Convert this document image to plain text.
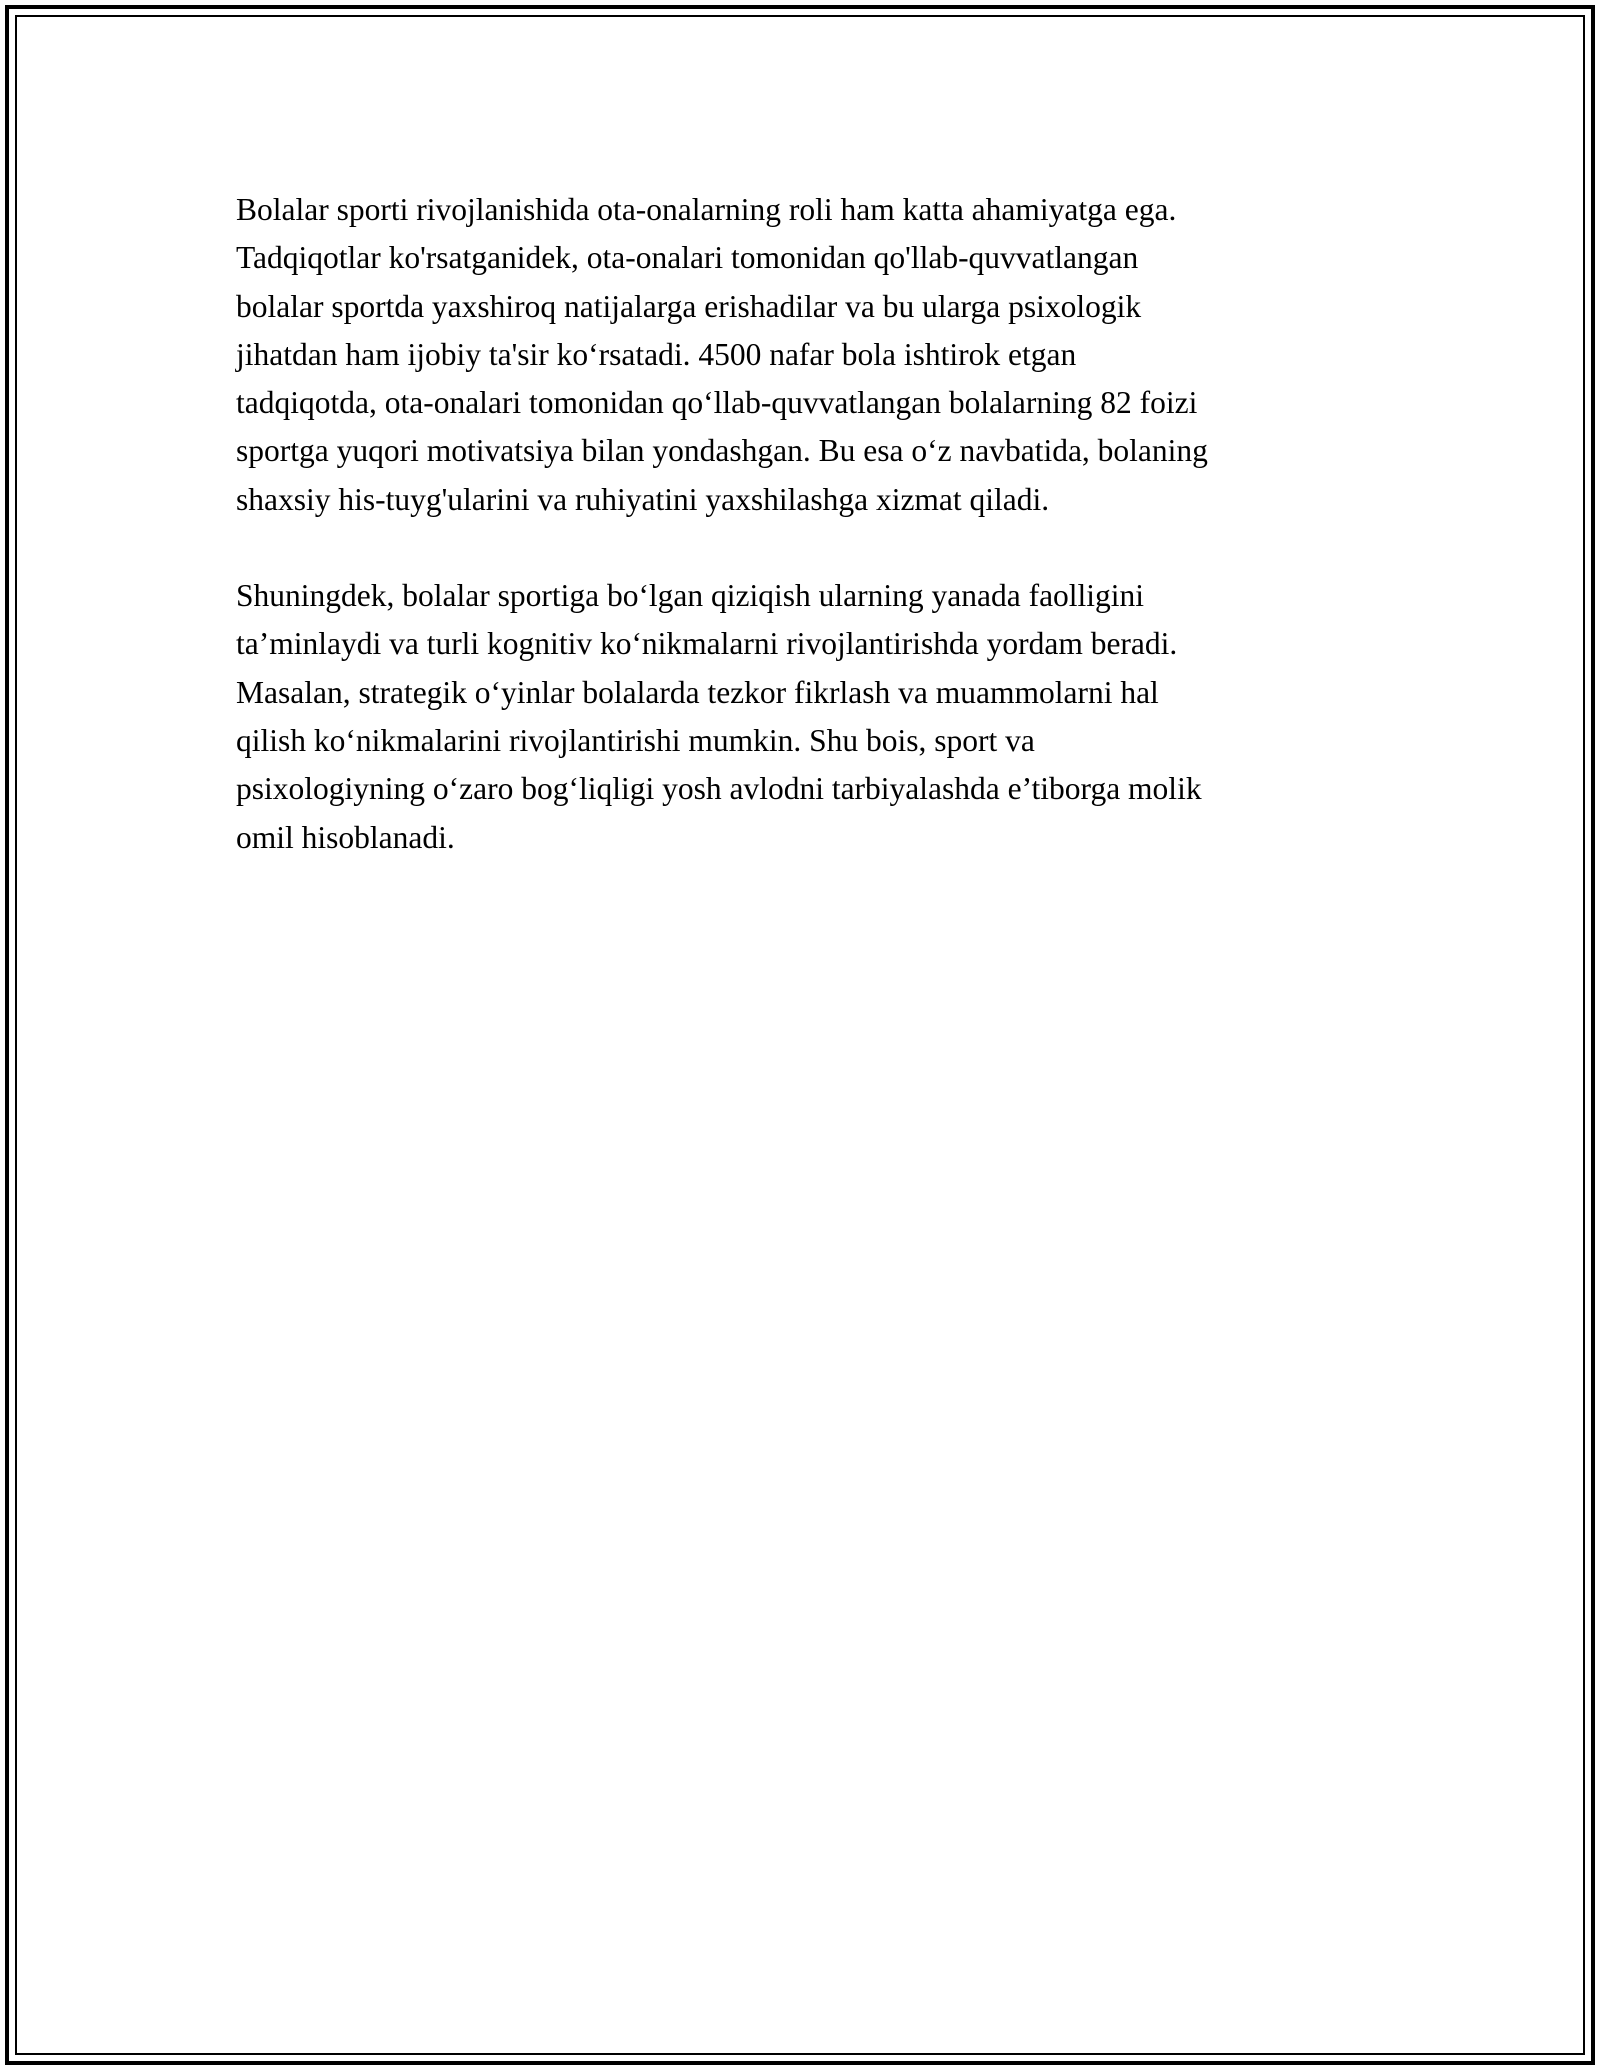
Bolalar sporti rivojlanishida ota-onalarning roli ham katta ahamiyatga ega.
Tadqiqotlar ko'rsatganidek, ota-onalari tomonidan qo'llab-quvvatlangan
bolalar sportda yaxshiroq natijalarga erishadilar va bu ularga psixologik
jihatdan ham ijobiy ta'sir ko‘rsatadi. 4500 nafar bola ishtirok etgan
tadqiqotda, ota-onalari tomonidan qo‘llab-quvvatlangan bolalarning 82 foizi
sportga yuqori motivatsiya bilan yondashgan. Bu esa o‘z navbatida, bolaning
shaxsiy his-tuyg'ularini va ruhiyatini yaxshilashga xizmat qiladi.

Shuningdek, bolalar sportiga bo‘lgan qiziqish ularning yanada faolligini
ta’minlaydi va turli kognitiv ko‘nikmalarni rivojlantirishda yordam beradi.
Masalan, strategik o‘yinlar bolalarda tezkor fikrlash va muammolarni hal
qilish ko‘nikmalarini rivojlantirishi mumkin. Shu bois, sport va
psixologiyning o‘zaro bog‘liqligi yosh avlodni tarbiyalashda e’tiborga molik
omil hisoblanadi.
